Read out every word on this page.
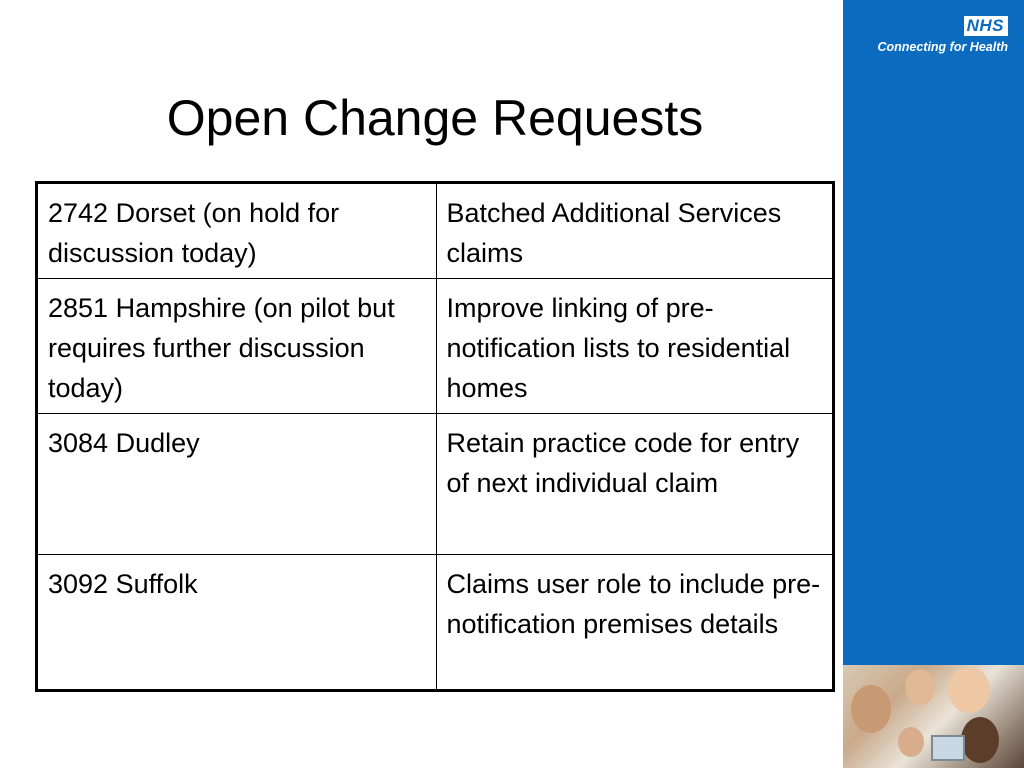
Open Change Requests
NHS
Connecting for Health
2742 Dorset (on hold for discussion today)	Batched Additional Services claims
2851 Hampshire (on pilot but requires further discussion today)	Improve linking of pre-notification lists to residential homes
3084 Dudley	Retain practice code for entry of next individual claim
3092 Suffolk	Claims user role to include pre-notification premises details
